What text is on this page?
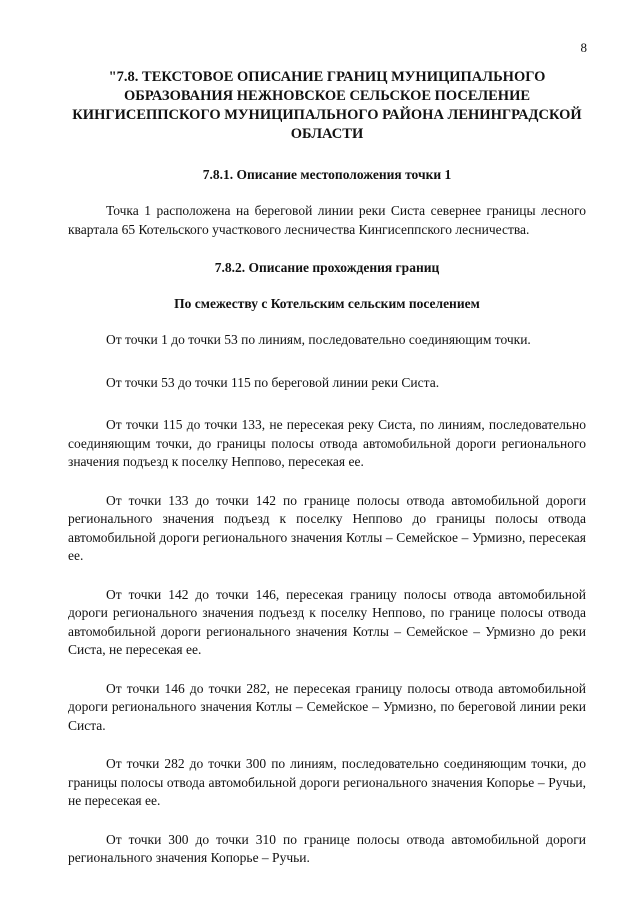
8
"7.8. ТЕКСТОВОЕ ОПИСАНИЕ ГРАНИЦ МУНИЦИПАЛЬНОГО ОБРАЗОВАНИЯ НЕЖНОВСКОЕ СЕЛЬСКОЕ ПОСЕЛЕНИЕ КИНГИСЕППСКОГО МУНИЦИПАЛЬНОГО РАЙОНА ЛЕНИНГРАДСКОЙ ОБЛАСТИ
7.8.1. Описание местоположения точки 1

Точка 1 расположена на береговой линии реки Систа севернее границы лесного квартала 65 Котельского участкового лесничества Кингисеппского лесничества.

7.8.2. Описание прохождения границ
По смежеству с Котельским сельским поселением

От точки 1 до точки 53 по линиям, последовательно соединяющим точки.

От точки 53 до точки 115 по береговой линии реки Систа.

От точки 115 до точки 133, не пересекая реку Систа, по линиям, последовательно соединяющим точки, до границы полосы отвода автомобильной дороги регионального значения подъезд к поселку Неппово, пересекая ее.

От точки 133 до точки 142 по границе полосы отвода автомобильной дороги регионального значения подъезд к поселку Неппово до границы полосы отвода автомобильной дороги регионального значения Котлы – Семейское – Урмизно, пересекая ее.

От точки 142 до точки 146, пересекая границу полосы отвода автомобильной дороги регионального значения подъезд к поселку Неппово, по границе полосы отвода автомобильной дороги регионального значения Котлы – Семейское – Урмизно до реки Систа, не пересекая ее.

От точки 146 до точки 282, не пересекая границу полосы отвода автомобильной дороги регионального значения Котлы – Семейское – Урмизно, по береговой линии реки Систа.

От точки 282 до точки 300 по линиям, последовательно соединяющим точки, до границы полосы отвода автомобильной дороги регионального значения Копорье – Ручьи, не пересекая ее.

От точки 300 до точки 310 по границе полосы отвода автомобильной дороги регионального значения Копорье – Ручьи.
